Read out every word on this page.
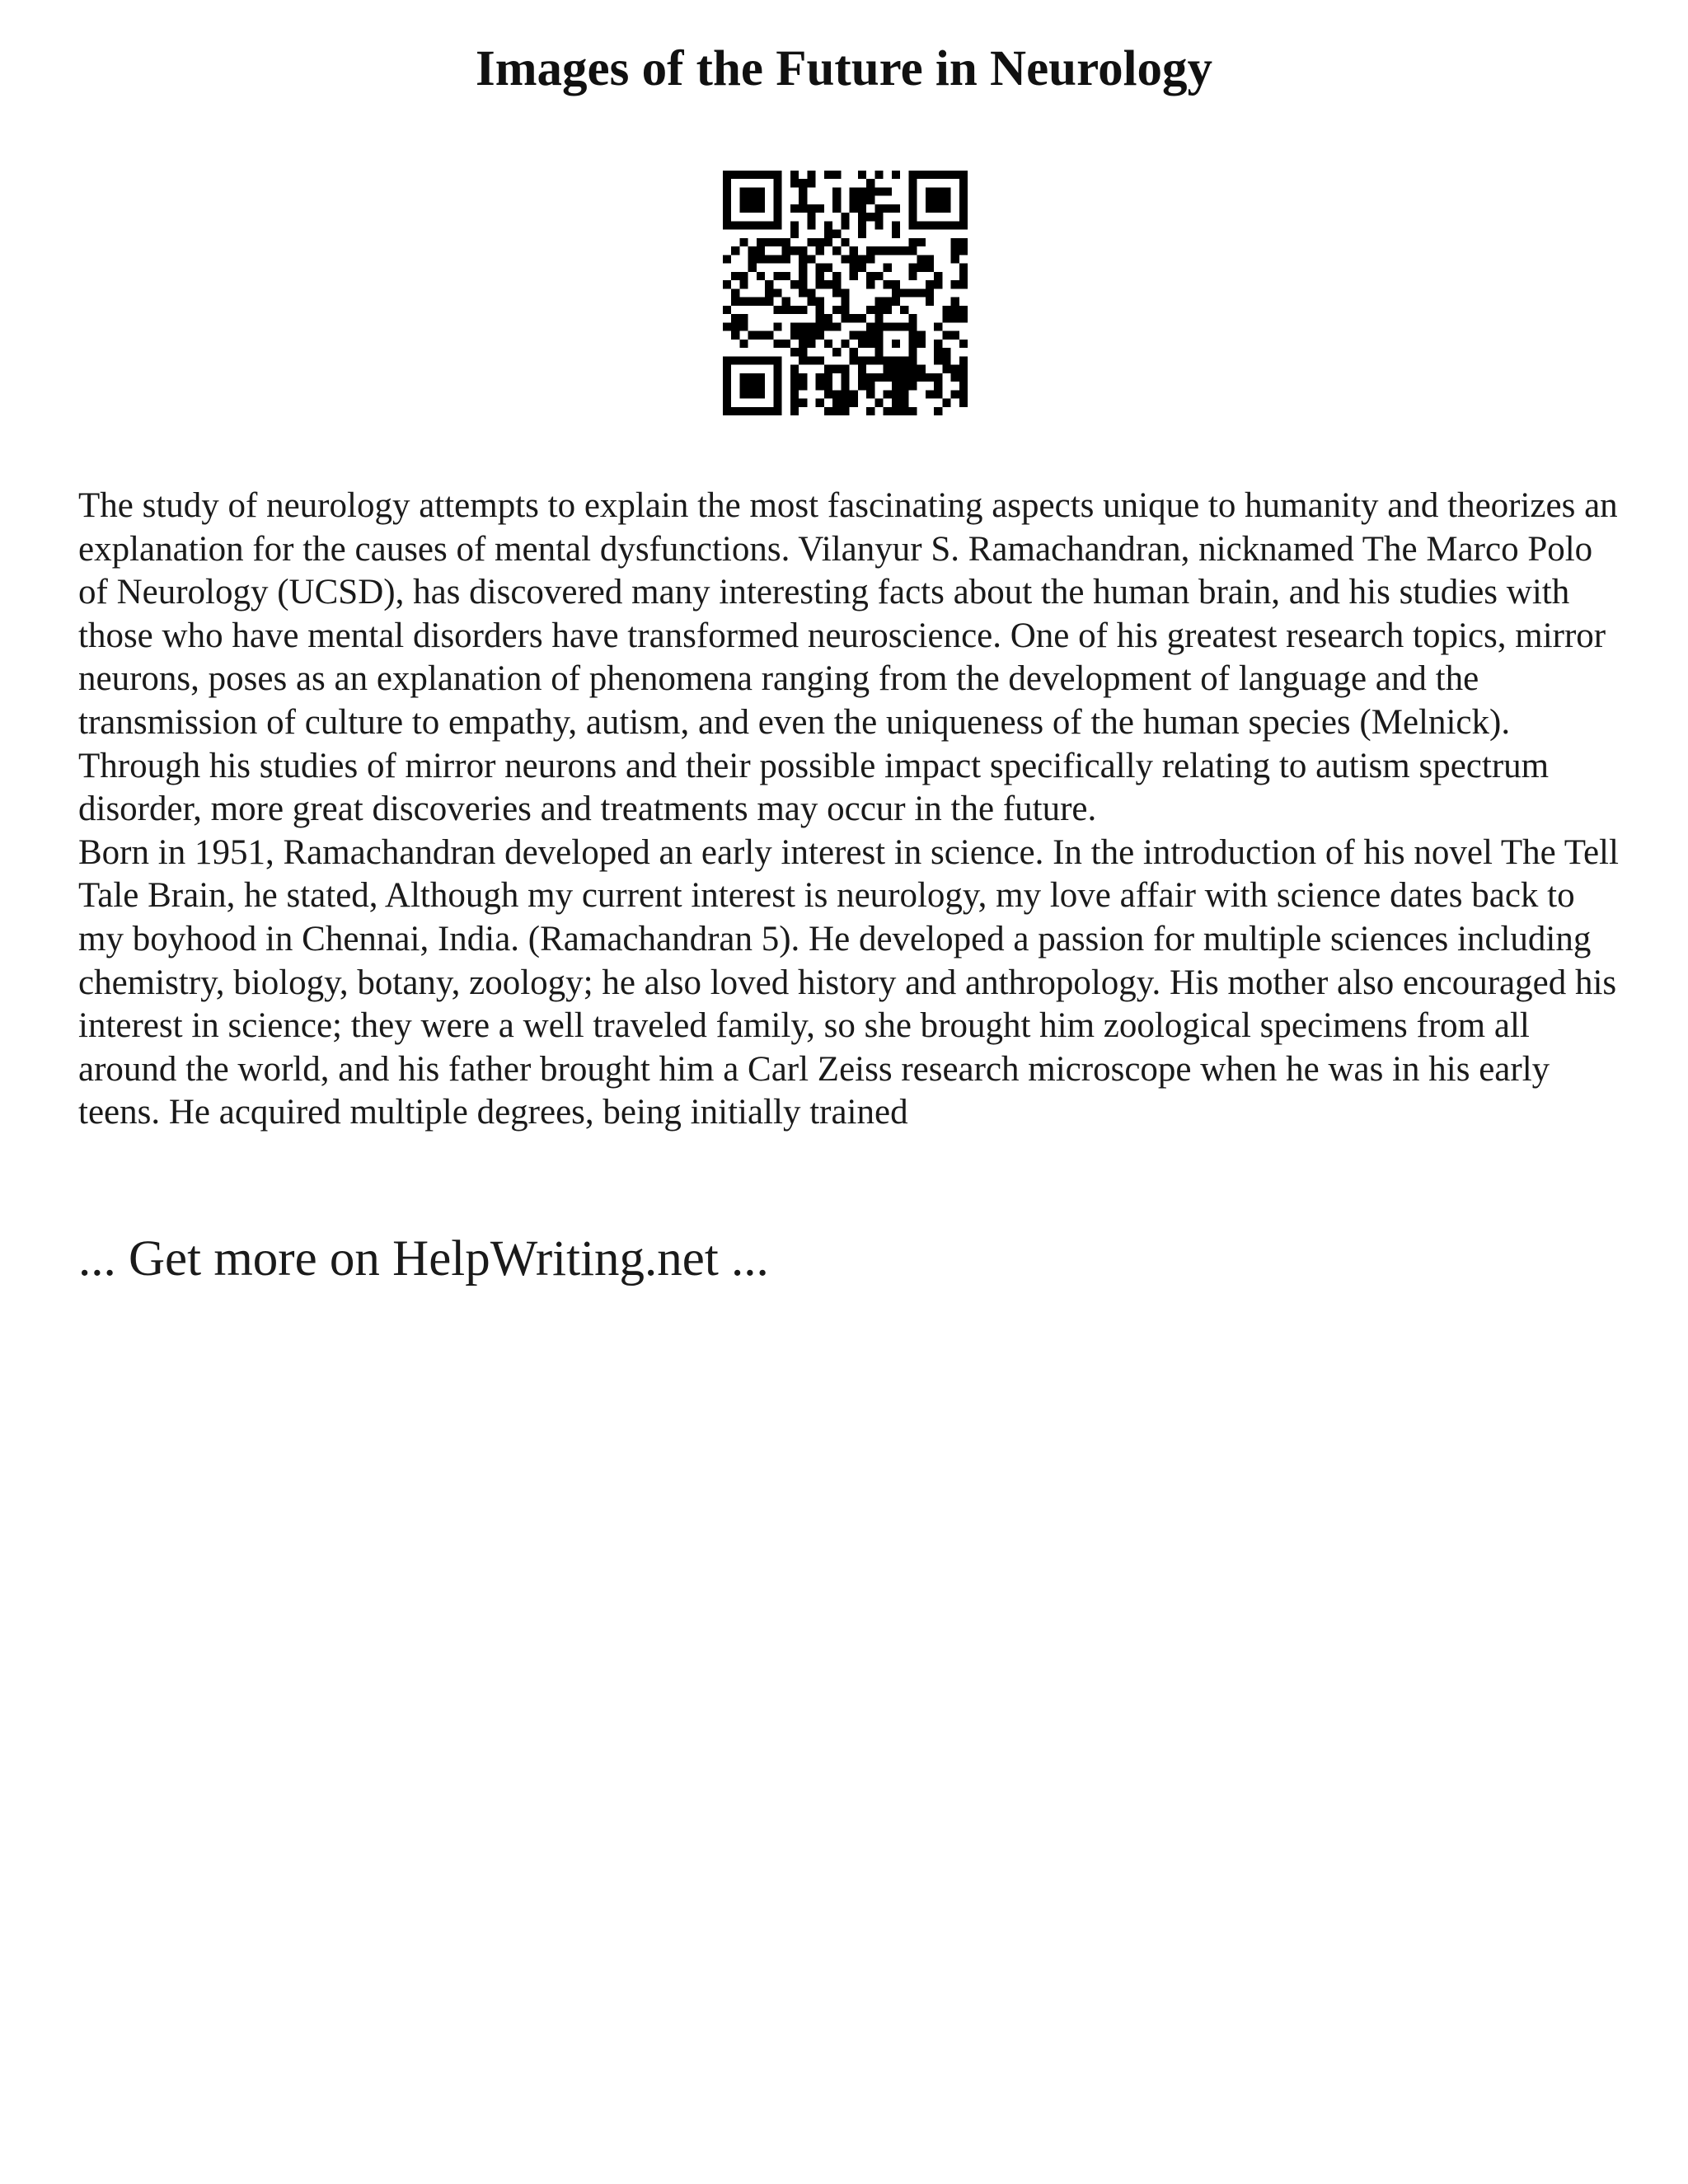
Images of the Future in Neurology

The study of neurology attempts to explain the most fascinating aspects unique to humanity and theorizes an explanation for the causes of mental dysfunctions. Vilanyur S. Ramachandran, nicknamed The Marco Polo of Neurology (UCSD), has discovered many interesting facts about the human brain, and his studies with those who have mental disorders have transformed neuroscience. One of his greatest research topics, mirror neurons, poses as an explanation of phenomena ranging from the development of language and the transmission of culture to empathy, autism, and even the uniqueness of the human species (Melnick). Through his studies of mirror neurons and their possible impact specifically relating to autism spectrum disorder, more great discoveries and treatments may occur in the future.

Born in 1951, Ramachandran developed an early interest in science. In the introduction of his novel The Tell Tale Brain, he stated, Although my current interest is neurology, my love affair with science dates back to my boyhood in Chennai, India. (Ramachandran 5). He developed a passion for multiple sciences including chemistry, biology, botany, zoology; he also loved history and anthropology. His mother also encouraged his interest in science; they were a well traveled family, so she brought him zoological specimens from all around the world, and his father brought him a Carl Zeiss research microscope when he was in his early teens. He acquired multiple degrees, being initially trained

... Get more on HelpWriting.net ...
